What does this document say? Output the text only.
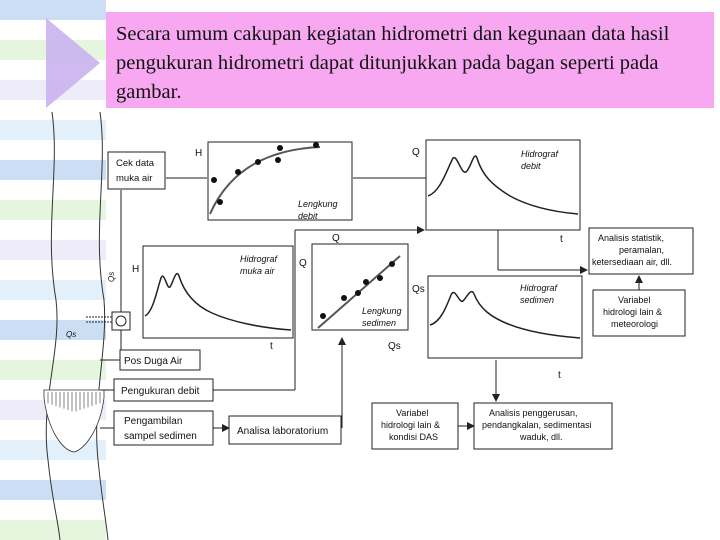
Secara umum cakupan kegiatan hidrometri dan kegunaan data hasil pengukuran hidrometri dapat ditunjukkan pada bagan seperti pada gambar.
Qs
Qs
Cek data
muka air
H
Lengkung
debit
Q	Hidrograf
debit
t
H
Hidrograf
muka air
t
Q
Q
Lengkung
sedimen
Qs
Qs	Hidrograf
sedimen
t
Pos Duga Air
Pengukuran debit
Pengambilan
sampel sedimen	Analisa laboratorium
Variabel
hidrologi lain &
kondisi DAS
Analisis penggerusan,
pendangkalan, sedimentasi
waduk, dll.
Analisis statistik,
peramalan,
ketersediaan air, dll.
Variabel
hidrologi lain &
meteorologi
